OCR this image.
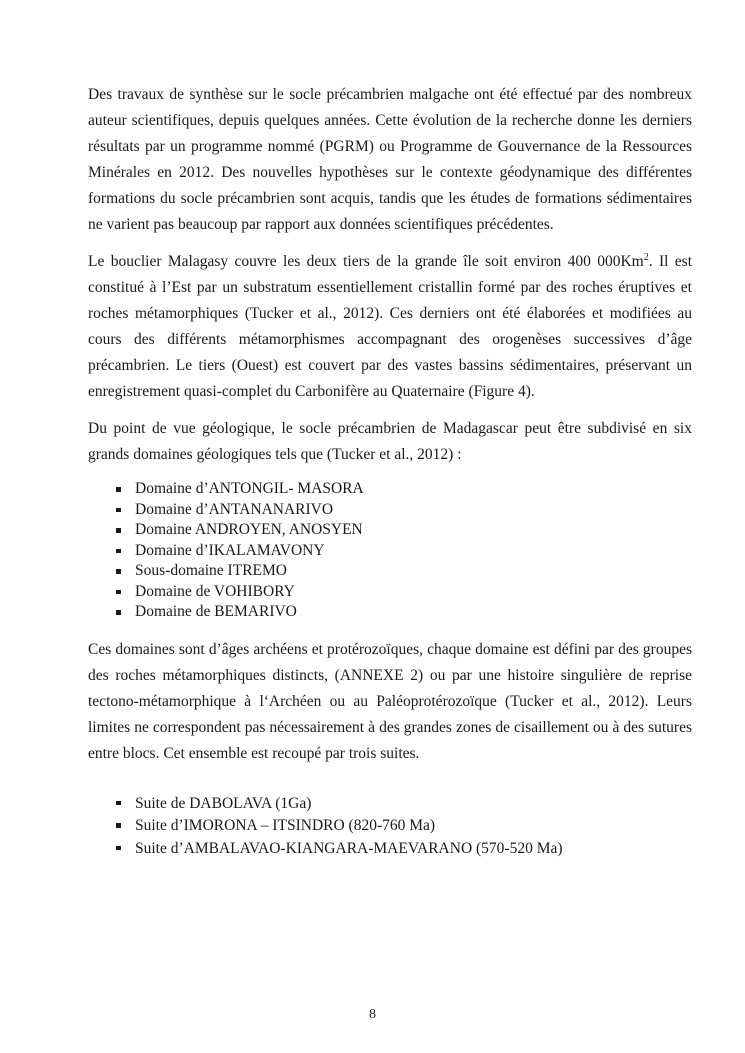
Des travaux de synthèse sur le socle précambrien malgache ont été effectué par des nombreux auteur scientifiques, depuis quelques années. Cette évolution de la recherche donne les derniers résultats par un programme nommé (PGRM) ou Programme de Gouvernance de la Ressources Minérales en 2012. Des nouvelles hypothèses sur le contexte géodynamique des différentes formations du socle précambrien sont acquis, tandis que les études de formations sédimentaires ne varient pas beaucoup par rapport aux données scientifiques précédentes.

Le bouclier Malagasy couvre les deux tiers de la grande île soit environ 400 000Km$^2$. Il est constitué à l’Est par un substratum essentiellement cristallin formé par des roches éruptives et roches métamorphiques (Tucker et al., 2012). Ces derniers ont été élaborées et modifiées au cours des différents métamorphismes accompagnant des orogenèses successives d’âge précambrien. Le tiers (Ouest) est couvert par des vastes bassins sédimentaires, préservant un enregistrement quasi-complet du Carbonifère au Quaternaire (Figure 4).

Du point de vue géologique, le socle précambrien de Madagascar peut être subdivisé en six grands domaines géologiques tels que (Tucker et al., 2012) :

Domaine d’ANTONGIL- MASORA
Domaine d’ANTANANARIVO
Domaine ANDROYEN, ANOSYEN
Domaine d’IKALAMAVONY
Sous-domaine ITREMO
Domaine de VOHIBORY
Domaine de BEMARIVO

Ces domaines sont d’âges archéens et protérozoïques, chaque domaine est défini par des groupes des roches métamorphiques distincts, (ANNEXE 2) ou par une histoire singulière de reprise tectono-métamorphique à l‘Archéen ou au Paléoprotérozoïque (Tucker et al., 2012). Leurs limites ne correspondent pas nécessairement à des grandes zones de cisaillement ou à des sutures entre blocs. Cet ensemble est recoupé par trois suites.

Suite de DABOLAVA (1Ga)
Suite d’IMORONA – ITSINDRO (820-760 Ma)
Suite d’AMBALAVAO-KIANGARA-MAEVARANO (570-520 Ma)
8
